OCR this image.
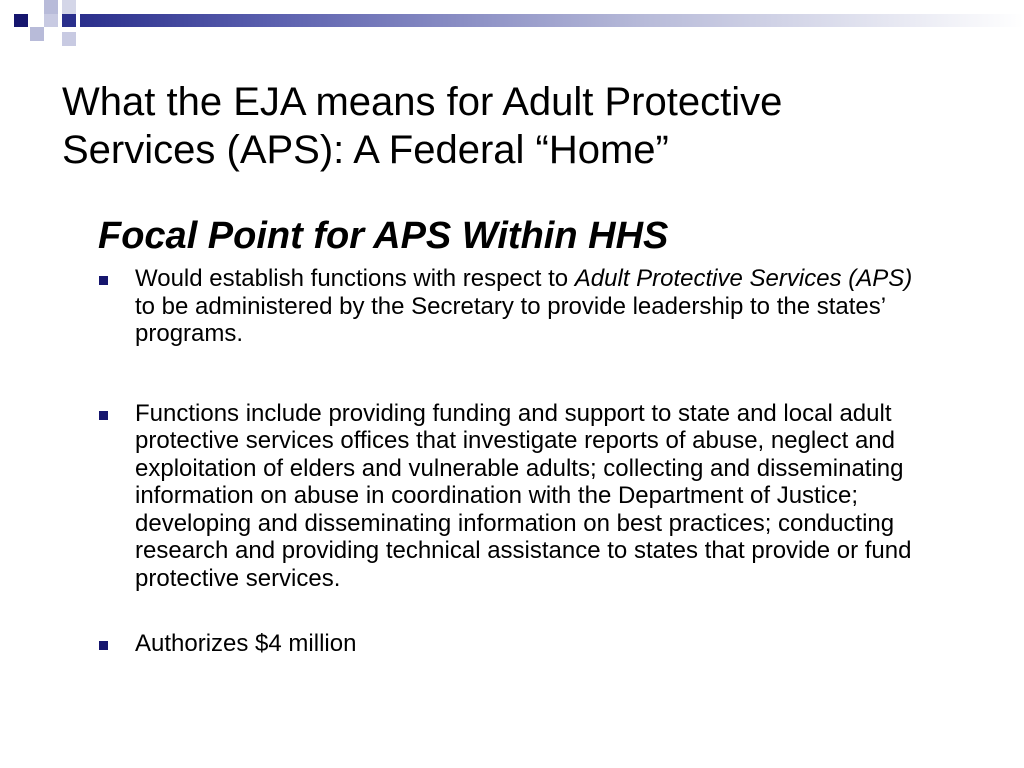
What the EJA means for Adult Protective
Services (APS): A Federal “Home”
Focal Point for APS Within HHS
Would establish functions with respect to Adult Protective Services (APS) to be administered by the Secretary to provide leadership to the states’ programs.
Functions include providing funding and support to state and local adult protective services offices that investigate reports of abuse, neglect and exploitation of elders and vulnerable adults; collecting and disseminating information on abuse in coordination with the Department of Justice; developing and disseminating information on best practices; conducting research and providing technical assistance to states that provide or fund protective services.
Authorizes $4 million
